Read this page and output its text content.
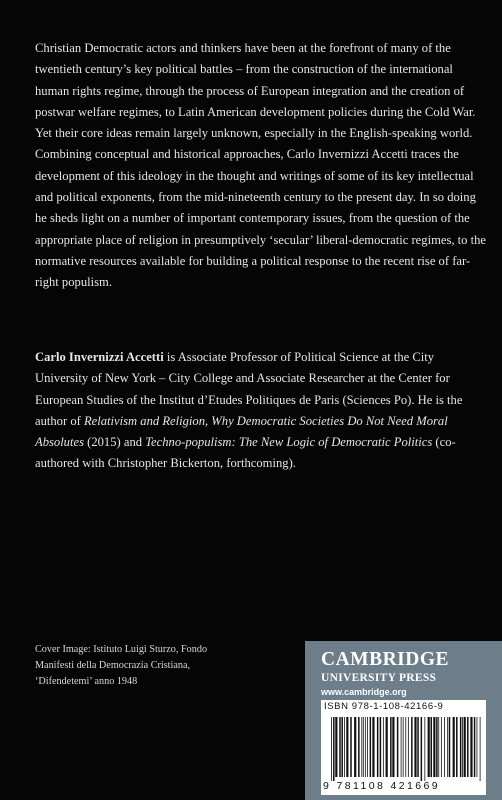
Christian Democratic actors and thinkers have been at the forefront of many of the twentieth century’s key political battles – from the construction of the international human rights regime, through the process of European integration and the creation of postwar welfare regimes, to Latin American development policies during the Cold War. Yet their core ideas remain largely unknown, especially in the English-speaking world. Combining conceptual and historical approaches, Carlo Invernizzi Accetti traces the development of this ideology in the thought and writings of some of its key intellectual and political exponents, from the mid-nineteenth century to the present day. In so doing he sheds light on a number of important contemporary issues, from the question of the appropriate place of religion in presumptively ‘secular’ liberal-democratic regimes, to the normative resources available for building a political response to the recent rise of far-right populism.

Carlo Invernizzi Accetti is Associate Professor of Political Science at the City University of New York – City College and Associate Researcher at the Center for European Studies of the Institut d’Etudes Politiques de Paris (Sciences Po). He is the author of Relativism and Religion, Why Democratic Societies Do Not Need Moral Absolutes (2015) and Techno-populism: The New Logic of Democratic Politics (co-authored with Christopher Bickerton, forthcoming).

Cover Image: Istituto Luigi Sturzo, Fondo Manifesti della Democrazia Cristiana, ‘Difendetemi’ anno 1948

CAMBRIDGE
UNIVERSITY PRESS
www.cambridge.org
ISBN 978-1-108-42166-9
9 781108 421669
